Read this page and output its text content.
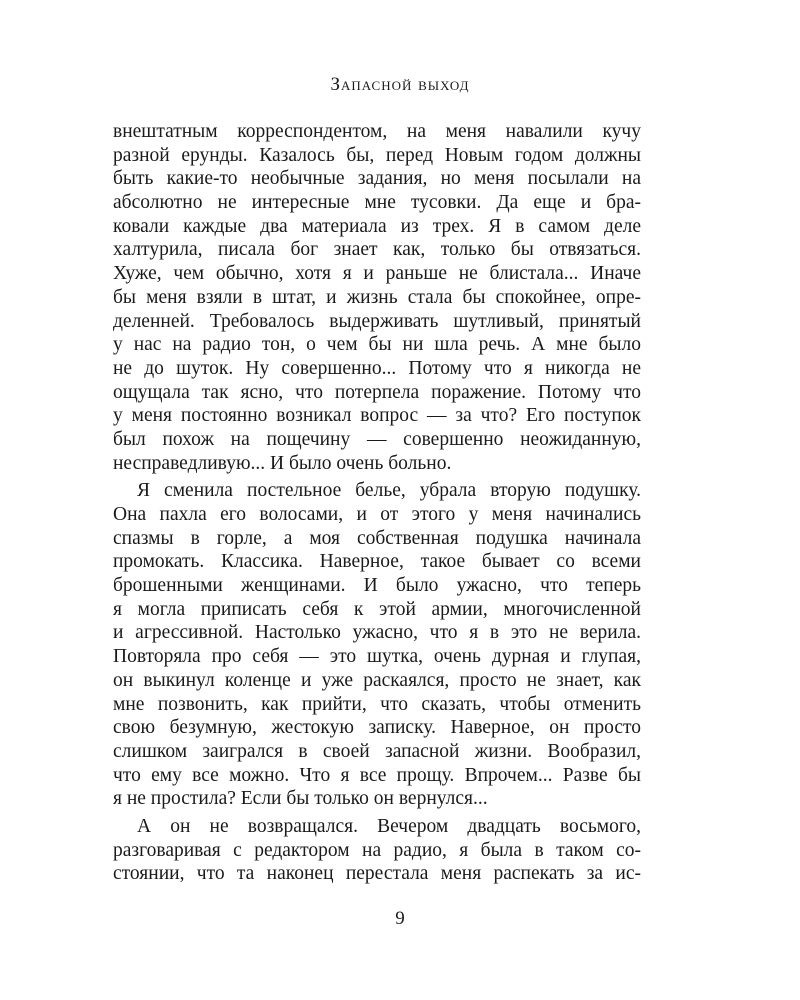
Запасной выход
внештатным корреспондентом, на меня навалили кучу
разной ерунды. Казалось бы, перед Новым годом должны
быть какие-то необычные задания, но меня посылали на
абсолютно не интересные мне тусовки. Да еще и бра-
ковали каждые два материала из трех. Я в самом деле
халтурила, писала бог знает как, только бы отвязаться.
Хуже, чем обычно, хотя я и раньше не блистала... Иначе
бы меня взяли в штат, и жизнь стала бы спокойнее, опре-
деленней. Требовалось выдерживать шутливый, принятый
у нас на радио тон, о чем бы ни шла речь. А мне было
не до шуток. Ну совершенно... Потому что я никогда не
ощущала так ясно, что потерпела поражение. Потому что
у меня постоянно возникал вопрос — за что? Его поступок
был похож на пощечину — совершенно неожиданную,
несправедливую... И было очень больно.
Я сменила постельное белье, убрала вторую подушку.
Она пахла его волосами, и от этого у меня начинались
спазмы в горле, а моя собственная подушка начинала
промокать. Классика. Наверное, такое бывает со всеми
брошенными женщинами. И было ужасно, что теперь
я могла приписать себя к этой армии, многочисленной
и агрессивной. Настолько ужасно, что я в это не верила.
Повторяла про себя — это шутка, очень дурная и глупая,
он выкинул коленце и уже раскаялся, просто не знает, как
мне позвонить, как прийти, что сказать, чтобы отменить
свою безумную, жестокую записку. Наверное, он просто
слишком заигрался в своей запасной жизни. Вообразил,
что ему все можно. Что я все прощу. Впрочем... Разве бы
я не простила? Если бы только он вернулся...
А он не возвращался. Вечером двадцать восьмого,
разговаривая с редактором на радио, я была в таком со-
стоянии, что та наконец перестала меня распекать за ис-
9
